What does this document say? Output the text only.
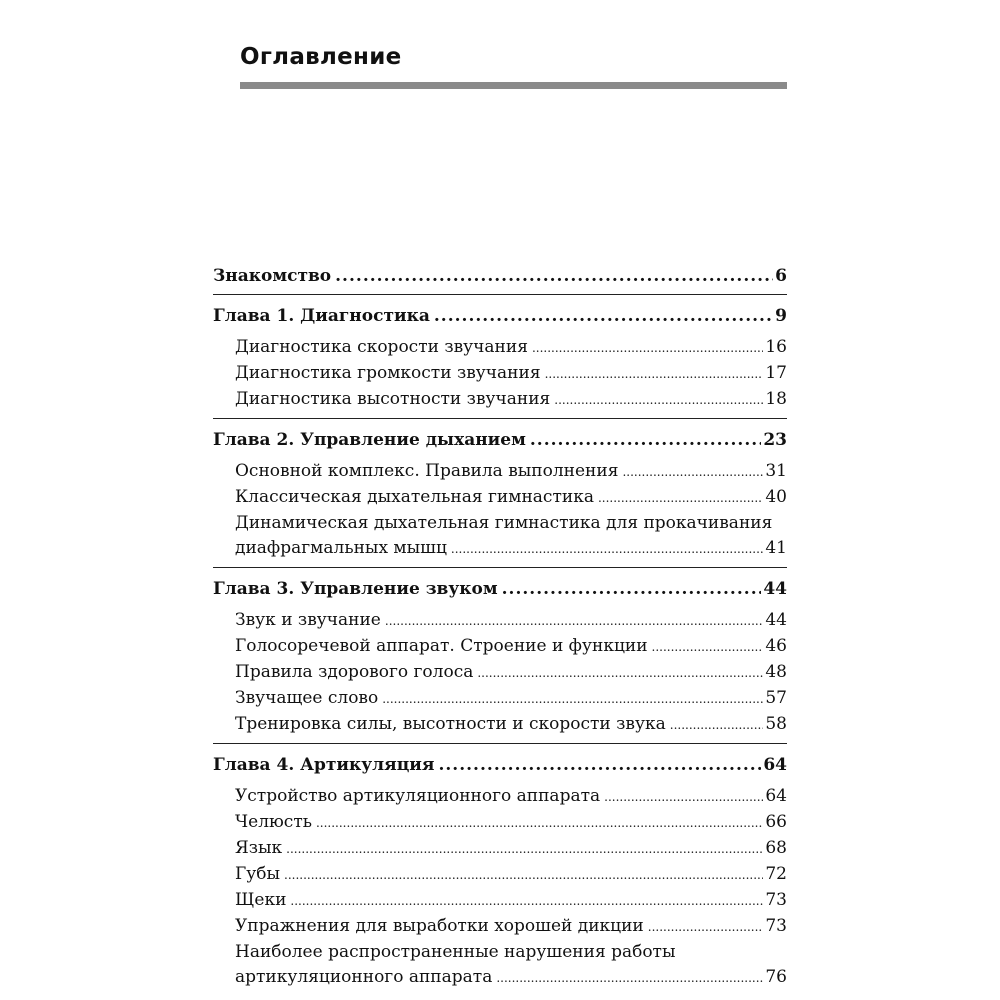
Оглавление
Знакомство .....	6
Глава 1. Диагностика .....	9
Диагностика скорости звучания .....	16
Диагностика громкости звучания .....	17
Диагностика высотности звучания .....	18
Глава 2. Управление дыханием .....	23
Основной комплекс. Правила выполнения .....	31
Классическая дыхательная гимнастика .....	40
Динамическая дыхательная гимнастика для прокачивания
диафрагмальных мышц .....	41
Глава 3. Управление звуком .....	44
Звук и звучание .....	44
Голосоречевой аппарат. Строение и функции .....	46
Правила здорового голоса .....	48
Звучащее слово .....	57
Тренировка силы, высотности и скорости звука .....	58
Глава 4. Артикуляция .....	64
Устройство артикуляционного аппарата .....	64
Челюсть .....	66
Язык .....	68
Губы .....	72
Щеки .....	73
Упражнения для выработки хорошей дикции .....	73
Наиболее распространенные нарушения работы
артикуляционного аппарата .....	76
